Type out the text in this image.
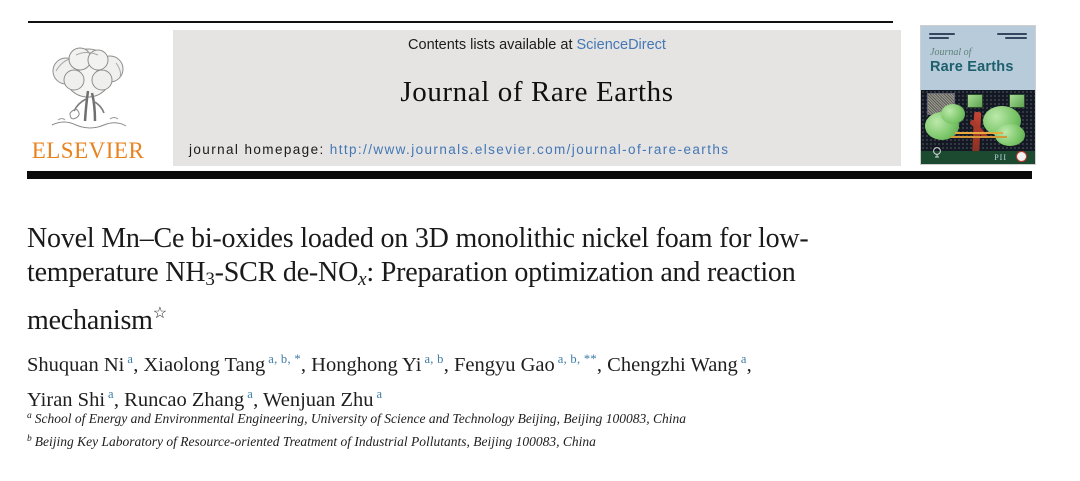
ELSEVIER
Contents lists available at ScienceDirect
Journal of Rare Earths
journal homepage: http://www.journals.elsevier.com/journal-of-rare-earths
Journal of
Rare Earths
PII
Novel Mn–Ce bi-oxides loaded on 3D monolithic nickel foam for low-
temperature NH3-SCR de-NOx: Preparation optimization and reaction
mechanism☆
Shuquan Ni $^a$, Xiaolong Tang $^{a, b, *}$, Honghong Yi $^{a, b}$, Fengyu Gao $^{a, b, **}$, Chengzhi Wang $^a$,
Yiran Shi $^a$, Runcao Zhang $^a$, Wenjuan Zhu $^a$
$^a$ School of Energy and Environmental Engineering, University of Science and Technology Beijing, Beijing 100083, China
$^b$ Beijing Key Laboratory of Resource-oriented Treatment of Industrial Pollutants, Beijing 100083, China
